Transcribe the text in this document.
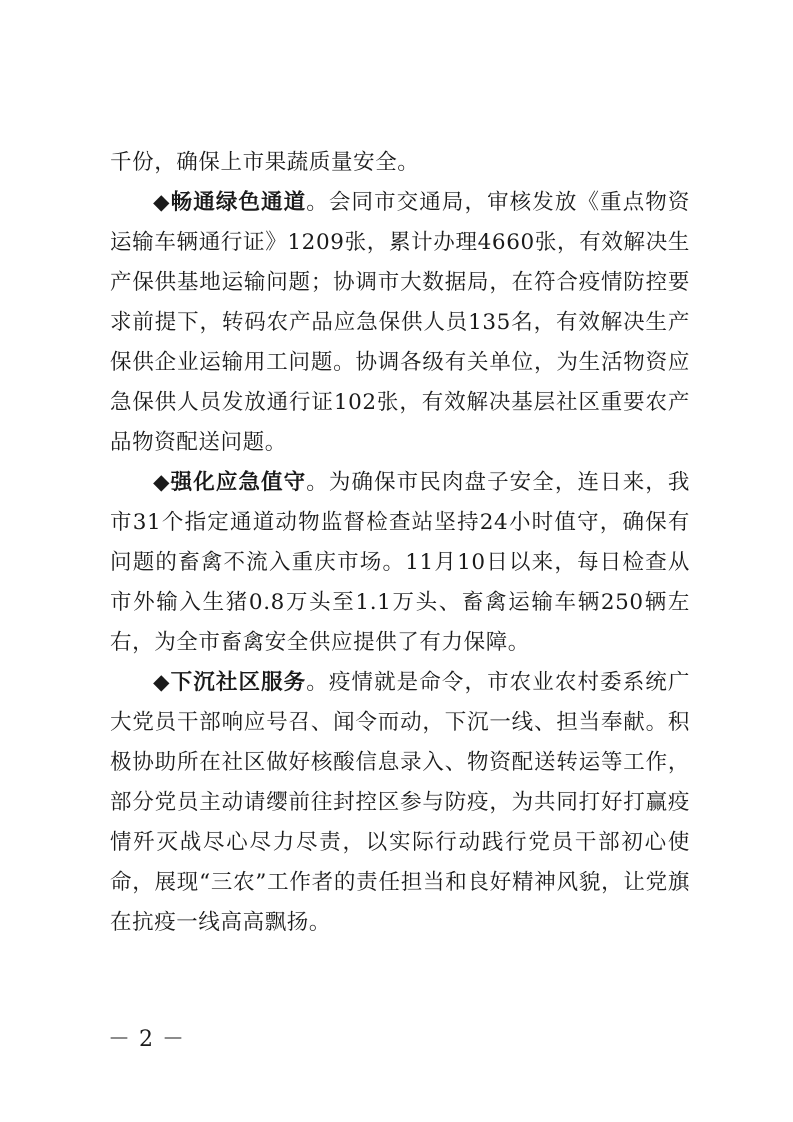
千份，确保上市果蔬质量安全。

◆畅通绿色通道。会同市交通局，审核发放《重点物资运输车辆通行证》1209张，累计办理4660张，有效解决生产保供基地运输问题；协调市大数据局，在符合疫情防控要求前提下，转码农产品应急保供人员135名，有效解决生产保供企业运输用工问题。协调各级有关单位，为生活物资应急保供人员发放通行证102张，有效解决基层社区重要农产品物资配送问题。

◆强化应急值守。为确保市民肉盘子安全，连日来，我市31个指定通道动物监督检查站坚持24小时值守，确保有问题的畜禽不流入重庆市场。11月10日以来，每日检查从市外输入生猪0.8万头至1.1万头、畜禽运输车辆250辆左右，为全市畜禽安全供应提供了有力保障。

◆下沉社区服务。疫情就是命令，市农业农村委系统广大党员干部响应号召、闻令而动，下沉一线、担当奉献。积极协助所在社区做好核酸信息录入、物资配送转运等工作，部分党员主动请缨前往封控区参与防疫，为共同打好打赢疫情歼灭战尽心尽力尽责，以实际行动践行党员干部初心使命，展现“三农”工作者的责任担当和良好精神风貌，让党旗在抗疫一线高高飘扬。

－ 2 －
